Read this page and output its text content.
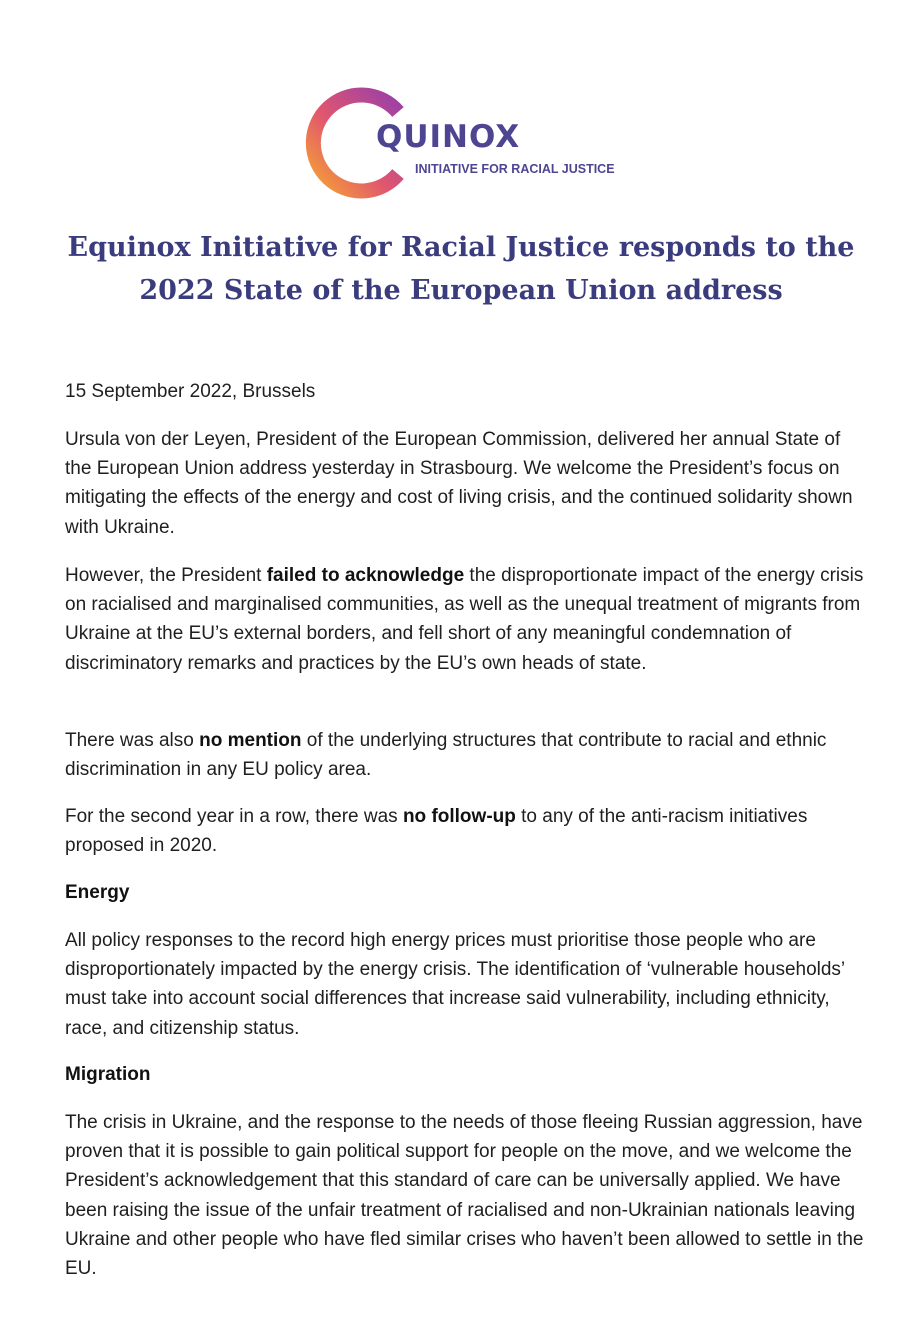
E QUINOX
INITIATIVE FOR RACIAL JUSTICE
Equinox Initiative for Racial Justice responds to the
2022 State of the European Union address

15 September 2022, Brussels

Ursula von der Leyen, President of the European Commission, delivered her annual State of the European Union address yesterday in Strasbourg. We welcome the President’s focus on mitigating the effects of the energy and cost of living crisis, and the continued solidarity shown with Ukraine.

However, the President failed to acknowledge the disproportionate impact of the energy crisis on racialised and marginalised communities, as well as the unequal treatment of migrants from Ukraine at the EU’s external borders, and fell short of any meaningful condemnation of discriminatory remarks and practices by the EU’s own heads of state.

There was also no mention of the underlying structures that contribute to racial and ethnic discrimination in any EU policy area.

For the second year in a row, there was no follow-up to any of the anti-racism initiatives proposed in 2020.

Energy

All policy responses to the record high energy prices must prioritise those people who are disproportionately impacted by the energy crisis. The identification of ‘vulnerable households’ must take into account social differences that increase said vulnerability, including ethnicity, race, and citizenship status.

Migration

The crisis in Ukraine, and the response to the needs of those fleeing Russian aggression, have proven that it is possible to gain political support for people on the move, and we welcome the President’s acknowledgement that this standard of care can be universally applied. We have been raising the issue of the unfair treatment of racialised and non-Ukrainian nationals leaving Ukraine and other people who have fled similar crises who haven’t been allowed to settle in the EU.
